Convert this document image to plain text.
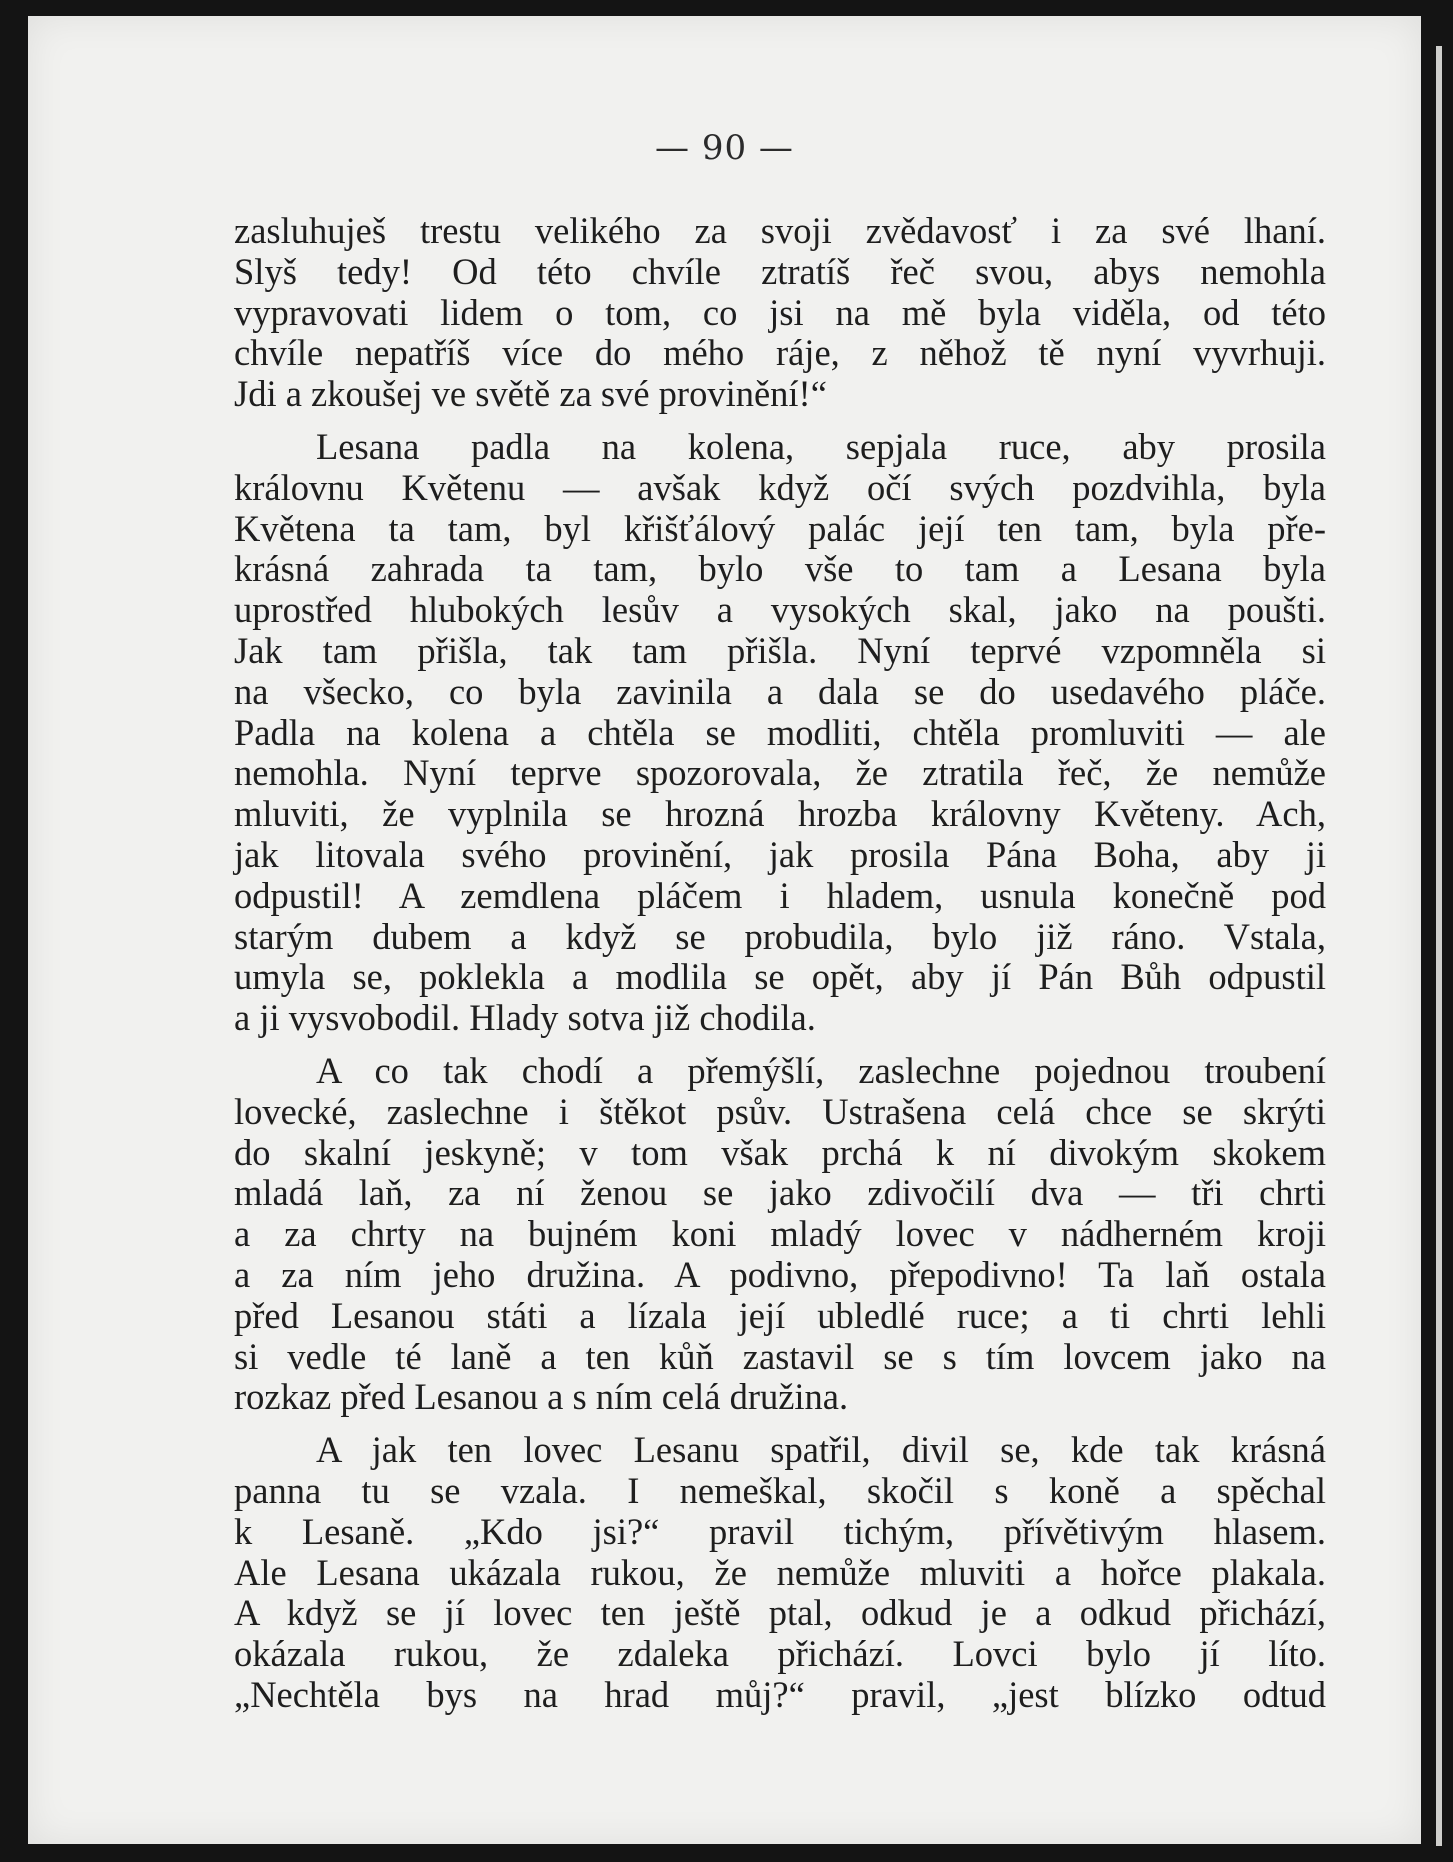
— 90 —
zasluhuješ trestu velikého za svoji zvědavosť i za své lhaní.
Slyš tedy! Od této chvíle ztratíš řeč svou, abys nemohla
vypravovati lidem o tom, co jsi na mě byla viděla, od této
chvíle nepatříš více do mého ráje, z něhož tě nyní vyvrhuji.
Jdi a zkoušej ve světě za své provinění!“
Lesana padla na kolena, sepjala ruce, aby prosila
královnu Květenu — avšak když očí svých pozdvihla, byla
Květena ta tam, byl křišťálový palác její ten tam, byla pře-
krásná zahrada ta tam, bylo vše to tam a Lesana byla
uprostřed hlubokých lesův a vysokých skal, jako na poušti.
Jak tam přišla, tak tam přišla. Nyní teprvé vzpomněla si
na všecko, co byla zavinila a dala se do usedavého pláče.
Padla na kolena a chtěla se modliti, chtěla promluviti — ale
nemohla. Nyní teprve spozorovala, že ztratila řeč, že nemůže
mluviti, že vyplnila se hrozná hrozba královny Květeny. Ach,
jak litovala svého provinění, jak prosila Pána Boha, aby ji
odpustil! A zemdlena pláčem i hladem, usnula konečně pod
starým dubem a když se probudila, bylo již ráno. Vstala,
umyla se, poklekla a modlila se opět, aby jí Pán Bůh odpustil
a ji vysvobodil. Hlady sotva již chodila.
A co tak chodí a přemýšlí, zaslechne pojednou troubení
lovecké, zaslechne i štěkot psův. Ustrašena celá chce se skrýti
do skalní jeskyně; v tom však prchá k ní divokým skokem
mladá laň, za ní ženou se jako zdivočilí dva — tři chrti
a za chrty na bujném koni mladý lovec v nádherném kroji
a za ním jeho družina. A podivno, přepodivno! Ta laň ostala
před Lesanou státi a lízala její ubledlé ruce; a ti chrti lehli
si vedle té laně a ten kůň zastavil se s tím lovcem jako na
rozkaz před Lesanou a s ním celá družina.
A jak ten lovec Lesanu spatřil, divil se, kde tak krásná
panna tu se vzala. I nemeškal, skočil s koně a spěchal
k Lesaně. „Kdo jsi?“ pravil tichým, přívětivým hlasem.
Ale Lesana ukázala rukou, že nemůže mluviti a hořce plakala.
A když se jí lovec ten ještě ptal, odkud je a odkud přichází,
okázala rukou, že zdaleka přichází. Lovci bylo jí líto.
„Nechtěla bys na hrad můj?“ pravil, „jest blízko odtud
